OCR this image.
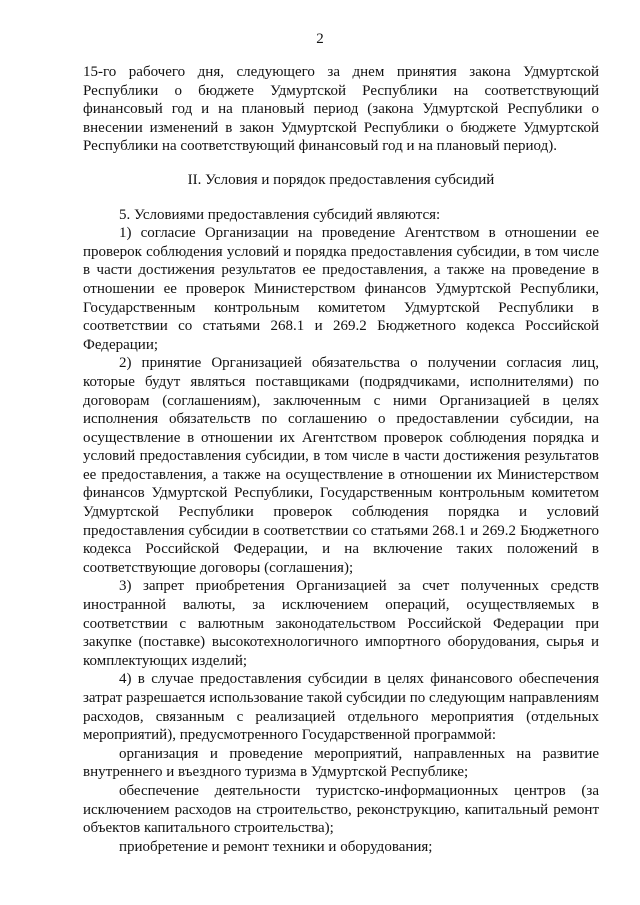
2

15-го рабочего дня, следующего за днем принятия закона Удмуртской Республики о бюджете Удмуртской Республики на соответствующий финансовый год и на плановый период (закона Удмуртской Республики о внесении изменений в закон Удмуртской Республики о бюджете Удмуртской Республики на соответствующий финансовый год и на плановый период).

II. Условия и порядок предоставления субсидий

5. Условиями предоставления субсидий являются:

1) согласие Организации на проведение Агентством в отношении ее проверок соблюдения условий и порядка предоставления субсидии, в том числе в части достижения результатов ее предоставления, а также на проведение в отношении ее проверок Министерством финансов Удмуртской Республики, Государственным контрольным комитетом Удмуртской Республики в соответствии со статьями 268.1 и 269.2 Бюджетного кодекса Российской Федерации;

2) принятие Организацией обязательства о получении согласия лиц, которые будут являться поставщиками (подрядчиками, исполнителями) по договорам (соглашениям), заключенным с ними Организацией в целях исполнения обязательств по соглашению о предоставлении субсидии, на осуществление в отношении их Агентством проверок соблюдения порядка и условий предоставления субсидии, в том числе в части достижения результатов ее предоставления, а также на осуществление в отношении их Министерством финансов Удмуртской Республики, Государственным контрольным комитетом Удмуртской Республики проверок соблюдения порядка и условий предоставления субсидии в соответствии со статьями 268.1 и 269.2 Бюджетного кодекса Российской Федерации, и на включение таких положений в соответствующие договоры (соглашения);

3) запрет приобретения Организацией за счет полученных средств иностранной валюты, за исключением операций, осуществляемых в соответствии с валютным законодательством Российской Федерации при закупке (поставке) высокотехнологичного импортного оборудования, сырья и комплектующих изделий;

4) в случае предоставления субсидии в целях финансового обеспечения затрат разрешается использование такой субсидии по следующим направлениям расходов, связанным с реализацией отдельного мероприятия (отдельных мероприятий), предусмотренного Государственной программой:

организация и проведение мероприятий, направленных на развитие внутреннего и въездного туризма в Удмуртской Республике;

обеспечение деятельности туристско-информационных центров (за исключением расходов на строительство, реконструкцию, капитальный ремонт объектов капитального строительства);

приобретение и ремонт техники и оборудования;
